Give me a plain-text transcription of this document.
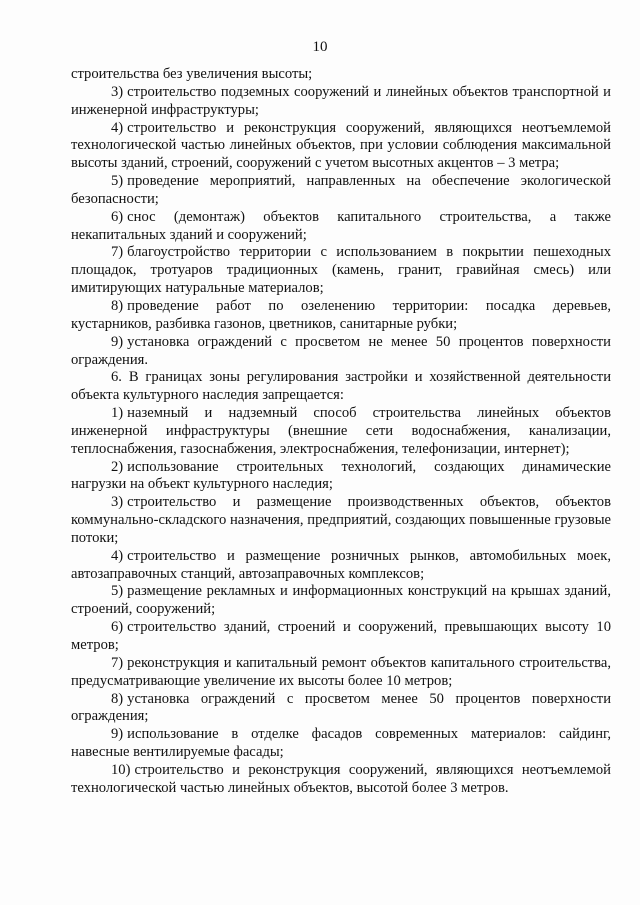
10

строительства без увеличения высоты;

3) строительство подземных сооружений и линейных объектов транспортной и инженерной инфраструктуры;

4) строительство и реконструкция сооружений, являющихся неотъемлемой технологической частью линейных объектов, при условии соблюдения максимальной высоты зданий, строений, сооружений с учетом высотных акцентов – 3 метра;

5) проведение мероприятий, направленных на обеспечение экологической безопасности;

6) снос (демонтаж) объектов капитального строительства, а также некапитальных зданий и сооружений;

7) благоустройство территории с использованием в покрытии пешеходных площадок, тротуаров традиционных (камень, гранит, гравийная смесь) или имитирующих натуральные материалов;

8) проведение работ по озеленению территории: посадка деревьев, кустарников, разбивка газонов, цветников, санитарные рубки;

9) установка ограждений с просветом не менее 50 процентов поверхности ограждения.

6. В границах зоны регулирования застройки и хозяйственной деятельности объекта культурного наследия запрещается:

1) наземный и надземный способ строительства линейных объектов инженерной инфраструктуры (внешние сети водоснабжения, канализации, теплоснабжения, газоснабжения, электроснабжения, телефонизации, интернет);

2) использование строительных технологий, создающих динамические нагрузки на объект культурного наследия;

3) строительство и размещение производственных объектов, объектов коммунально-складского назначения, предприятий, создающих повышенные грузовые потоки;

4) строительство и размещение розничных рынков, автомобильных моек, автозаправочных станций, автозаправочных комплексов;

5) размещение рекламных и информационных конструкций на крышах зданий, строений, сооружений;

6) строительство зданий, строений и сооружений, превышающих высоту 10 метров;

7) реконструкция и капитальный ремонт объектов капитального строительства, предусматривающие увеличение их высоты более 10 метров;

8) установка ограждений с просветом менее 50 процентов поверхности ограждения;

9) использование в отделке фасадов современных материалов: сайдинг, навесные вентилируемые фасады;

10) строительство и реконструкция сооружений, являющихся неотъемлемой технологической частью линейных объектов, высотой более 3 метров.
